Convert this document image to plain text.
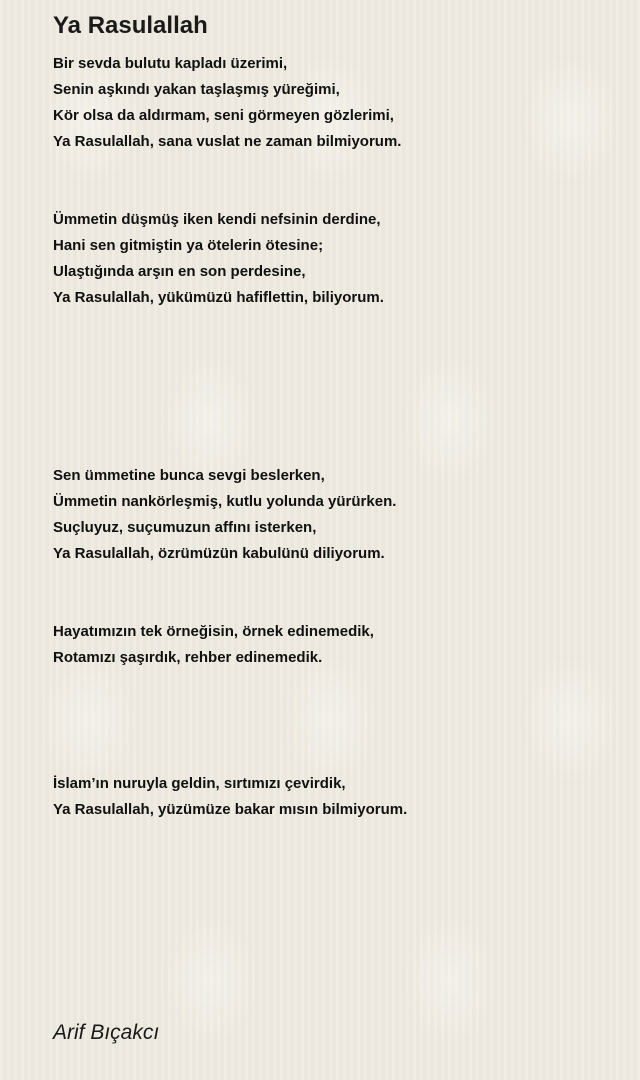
Ya Rasulallah
Bir sevda bulutu kapladı üzerimi,
Senin aşkındı yakan taşlaşmış yüreğimi,
Kör olsa da aldırmam, seni görmeyen gözlerimi,
Ya Rasulallah, sana vuslat ne zaman bilmiyorum.
Ümmetin düşmüş iken kendi nefsinin derdine,
Hani sen gitmiştin ya ötelerin ötesine;
Ulaştığında arşın en son perdesine,
Ya Rasulallah, yükümüzü hafiflettin, biliyorum.
Sen ümmetine bunca sevgi beslerken,
Ümmetin nankörleşmiş, kutlu yolunda yürürken.
Suçluyuz, suçumuzun affını isterken,
Ya Rasulallah, özrümüzün kabulünü diliyorum.
Hayatımızın tek örneğisin, örnek edinemedik,
Rotamızı şaşırdık, rehber edinemedik.
İslam’ın nuruyla geldin, sırtımızı çevirdik,
Ya Rasulallah, yüzümüze bakar mısın bilmiyorum.
Arif Bıçakcı
